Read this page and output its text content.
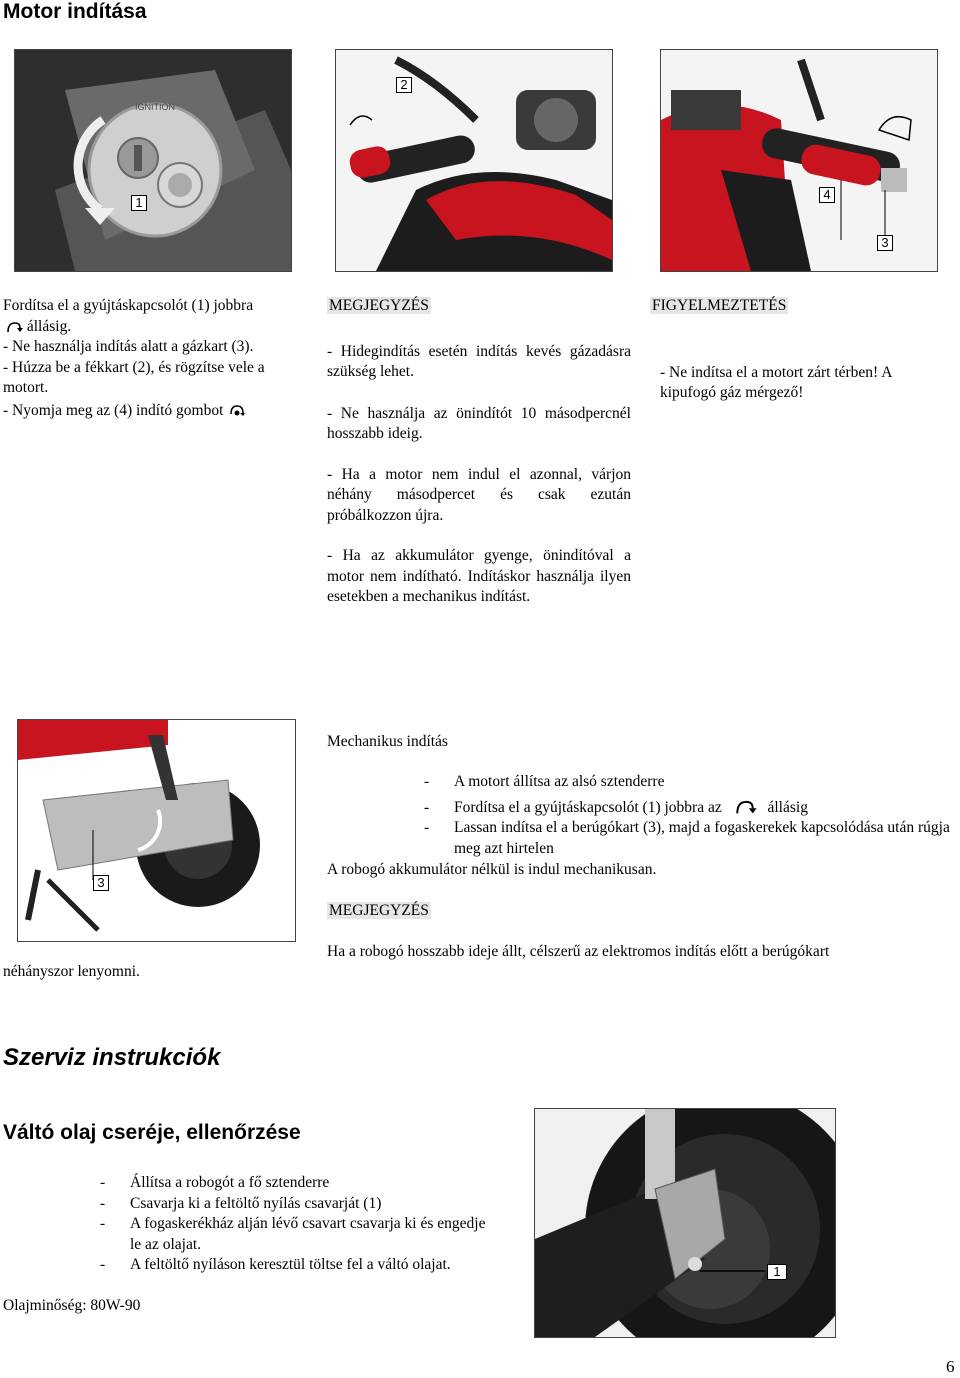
Motor indítása
IGNITION
1
2
4
3
Fordítsa el a gyújtáskapcsolót (1) jobbra
állásig.
- Ne használja indítás alatt a gázkart (3).
- Húzza be a fékkart (2), és rögzítse vele a motort.
- Nyomja meg az (4) indító gombot
MEGJEGYZÉS
- Hidegindítás esetén indítás kevés gázadásra szükség lehet.
- Ne használja az önindítót 10 másodpercnél hosszabb ideig.
- Ha a motor nem indul el azonnal, várjon néhány másodpercet és csak ezután próbálkozzon újra.
- Ha az akkumulátor gyenge, önindítóval a motor nem indítható. Indításkor használja ilyen esetekben a mechanikus indítást.
FIGYELMEZTETÉS
- Ne indítsa el a motort zárt térben! A kipufogó gáz mérgező!
3
Mechanikus indítás
- A motort állítsa az alsó sztenderre
- Fordítsa el a gyújtáskapcsolót (1) jobbra az	állásig
- Lassan indítsa el a berúgókart (3), majd a fogaskerekek kapcsolódása után rúgja meg azt hirtelen
A robogó akkumulátor nélkül is indul mechanikusan.
MEGJEGYZÉS
Ha a robogó hosszabb ideje állt, célszerű az elektromos indítás előtt a berúgókart
néhányszor lenyomni.
Szerviz instrukciók
Váltó olaj cseréje, ellenőrzése
- Állítsa a robogót a fő sztenderre
- Csavarja ki a feltöltő nyílás csavarját (1)
- A fogaskerékház alján lévő csavart csavarja ki és engedje le az olajat.
- A feltöltő nyíláson keresztül töltse fel a váltó olajat.
Olajminőség: 80W-90
1
6
